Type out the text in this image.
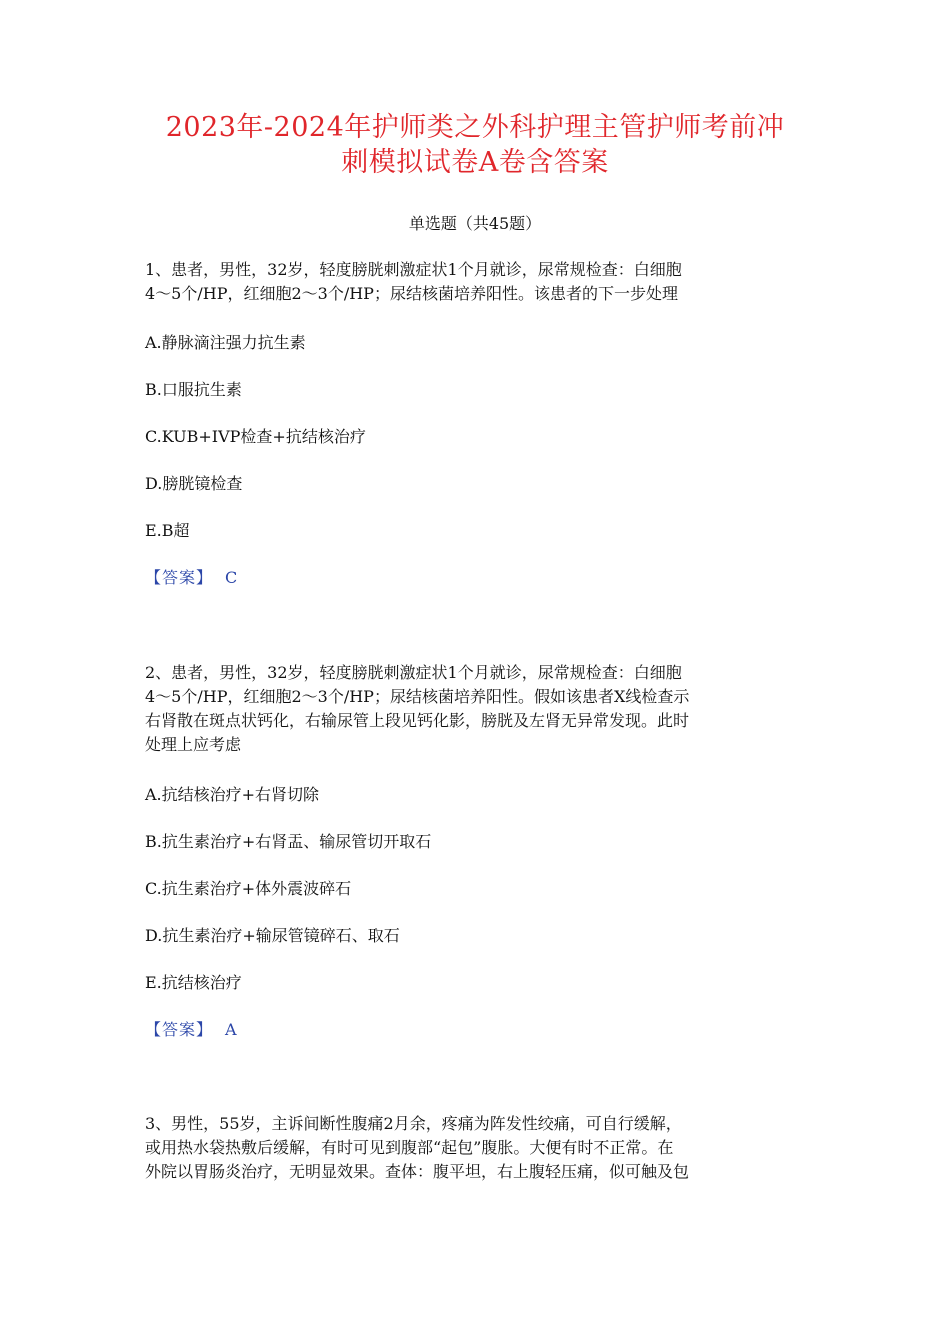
2023年-2024年护师类之外科护理主管护师考前冲
刺模拟试卷A卷含答案
单选题（共45题）
1、患者，男性，32岁，轻度膀胱刺激症状1个月就诊，尿常规检查：白细胞
4～5个/HP，红细胞2～3个/HP；尿结核菌培养阳性。该患者的下一步处理
A.静脉滴注强力抗生素
B.口服抗生素
C.KUB+IVP检查+抗结核治疗
D.膀胱镜检查
E.B超
【答案】 C
2、患者，男性，32岁，轻度膀胱刺激症状1个月就诊，尿常规检查：白细胞
4～5个/HP，红细胞2～3个/HP；尿结核菌培养阳性。假如该患者X线检查示
右肾散在斑点状钙化，右输尿管上段见钙化影，膀胱及左肾无异常发现。此时
处理上应考虑
A.抗结核治疗+右肾切除
B.抗生素治疗+右肾盂、输尿管切开取石
C.抗生素治疗+体外震波碎石
D.抗生素治疗+输尿管镜碎石、取石
E.抗结核治疗
【答案】 A
3、男性，55岁，主诉间断性腹痛2月余，疼痛为阵发性绞痛，可自行缓解，
或用热水袋热敷后缓解，有时可见到腹部“起包”腹胀。大便有时不正常。在
外院以胃肠炎治疗，无明显效果。查体：腹平坦，右上腹轻压痛，似可触及包
